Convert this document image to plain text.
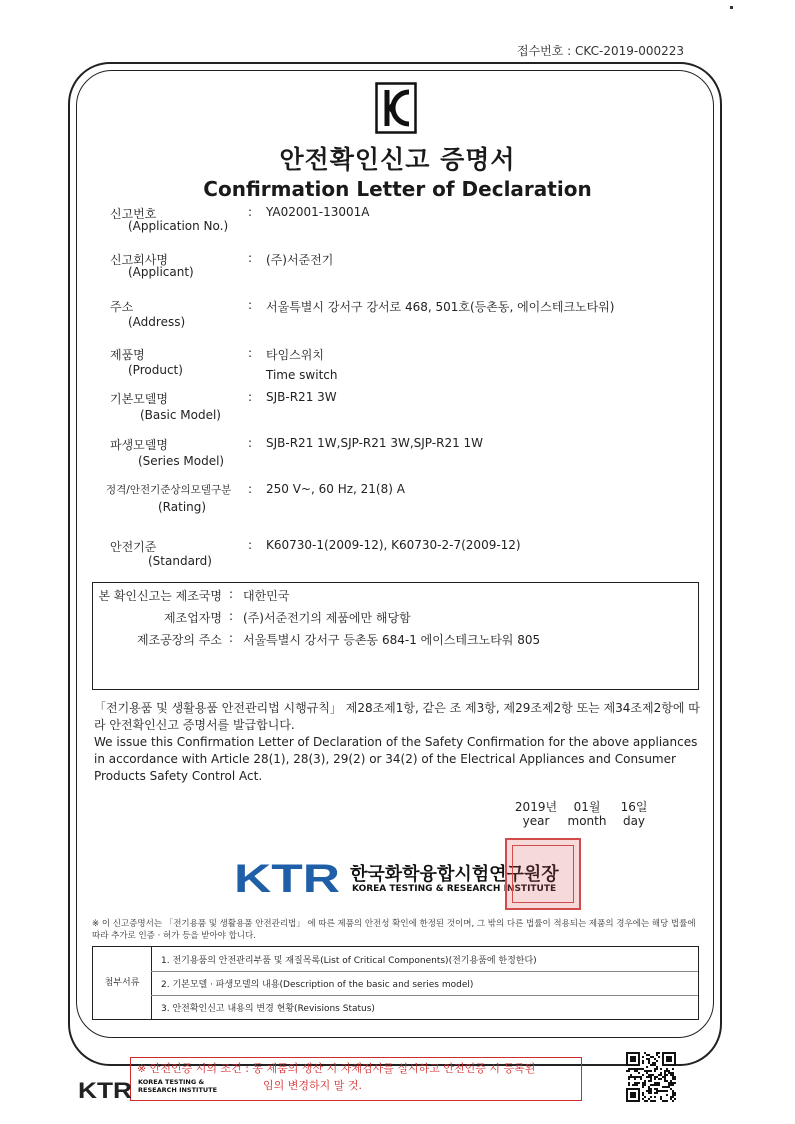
접수번호 : CKC-2019-000223
안전확인신고 증명서
Confirmation Letter of Declaration
신고번호	: YA02001-13001A
(Application No.)
신고회사명	: (주)서준전기
(Applicant)
주소	: 서울특별시 강서구 강서로 468, 501호(등촌동, 에이스테크노타워)
(Address)
제품명	: 타임스위치
Time switch
(Product)
기본모델명	: SJB-R21 3W
(Basic Model)
파생모델명	: SJB-R21 1W,SJP-R21 3W,SJP-R21 1W
(Series Model)
정격/안전기준상의모델구분	: 250 V~, 60 Hz, 21(8) A
(Rating)
안전기준	: K60730-1(2009-12), K60730-2-7(2009-12)
(Standard)
본 확인신고는 제조국명 : 대한민국
제조업자명 : (주)서준전기의 제품에만 해당함
제조공장의 주소 : 서울특별시 강서구 등촌동 684-1 에이스테크노타워 805
「전기용품 및 생활용품 안전관리법 시행규칙」 제28조제1항, 같은 조 제3항, 제29조제2항 또는 제34조제2항에 따라 안전확인신고 증명서를 발급합니다.
We issue this Confirmation Letter of Declaration of the Safety Confirmation for the above appliances in accordance with Article 28(1), 28(3), 29(2) or 34(2) of the Electrical Appliances and Consumer Products Safety Control Act.
2019년
year
01월
month
16일
day
KTR 한국화학융합시험연구원장
KOREA TESTING & RESEARCH INSTITUTE
※ 이 신고증명서는 「전기용품 및 생활용품 안전관리법」 에 따른 제품의 안전성 확인에 한정된 것이며, 그 밖의 다른 법률이 적용되는 제품의 경우에는 해당 법률에 따라 추가로 인증 · 허가 등을 받아야 합니다.
첨부서류
1. 전기용품의 안전관리부품 및 재질목록(List of Critical Components)(전기용품에 한정한다)
2. 기본모델 · 파생모델의 내용(Description of the basic and series model)
3. 안전확인신고 내용의 변경 현황(Revisions Status)
※ 안전인증 시의 조건 : 동 제품의 생산 시 자체검사를 실시하고 안전인증 시 등록된
임의 변경하지 말 것.
KTR KOREA TESTING &
RESEARCH INSTITUTE
